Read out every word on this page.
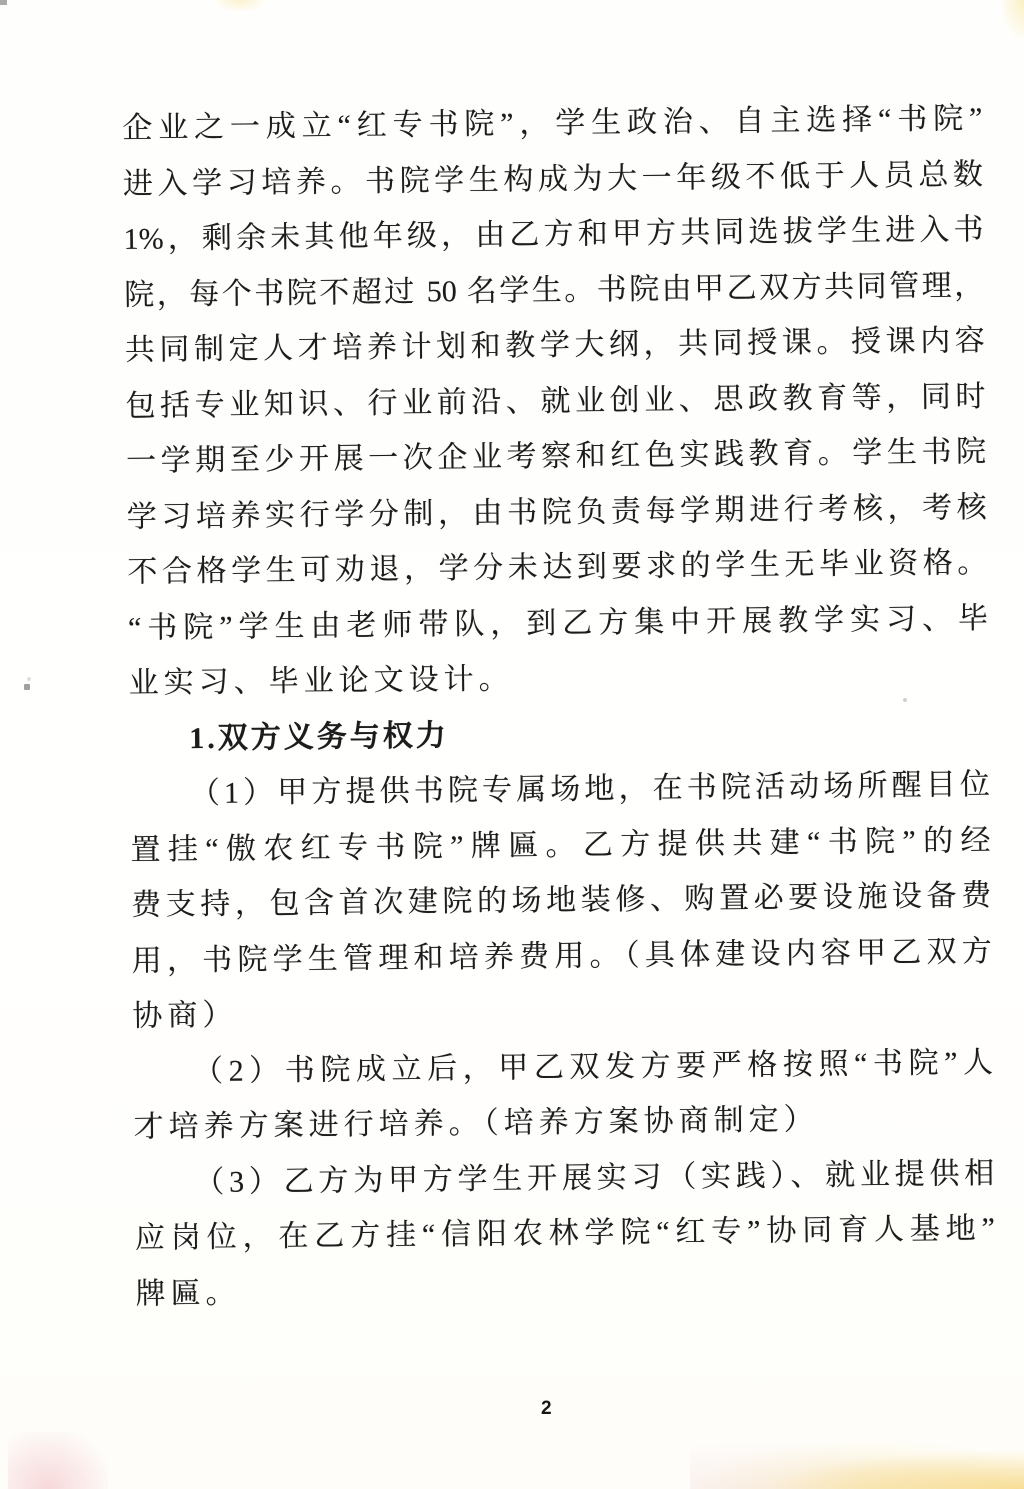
企业之一成立“红专书院”，学生政治、自主选择“书院”
进入学习培养。书院学生构成为大一年级不低于人员总数
1%，剩余未其他年级，由乙方和甲方共同选拔学生进入书
院，每个书院不超过 50 名学生。书院由甲乙双方共同管理，
共同制定人才培养计划和教学大纲，共同授课。授课内容
包括专业知识、行业前沿、就业创业、思政教育等，同时
一学期至少开展一次企业考察和红色实践教育。学生书院
学习培养实行学分制，由书院负责每学期进行考核，考核
不合格学生可劝退，学分未达到要求的学生无毕业资格。
“书院”学生由老师带队，到乙方集中开展教学实习、毕
业实习、毕业论文设计。
1.双方义务与权力
（1）甲方提供书院专属场地，在书院活动场所醒目位
置挂“傲农红专书院”牌匾。乙方提供共建“书院”的经
费支持，包含首次建院的场地装修、购置必要设施设备费
用，书院学生管理和培养费用。（具体建设内容甲乙双方
协商）
（2）书院成立后，甲乙双发方要严格按照“书院”人
才培养方案进行培养。（培养方案协商制定）
（3）乙方为甲方学生开展实习（实践）、就业提供相
应岗位，在乙方挂“信阳农林学院“红专”协同育人基地”
牌匾。
2
